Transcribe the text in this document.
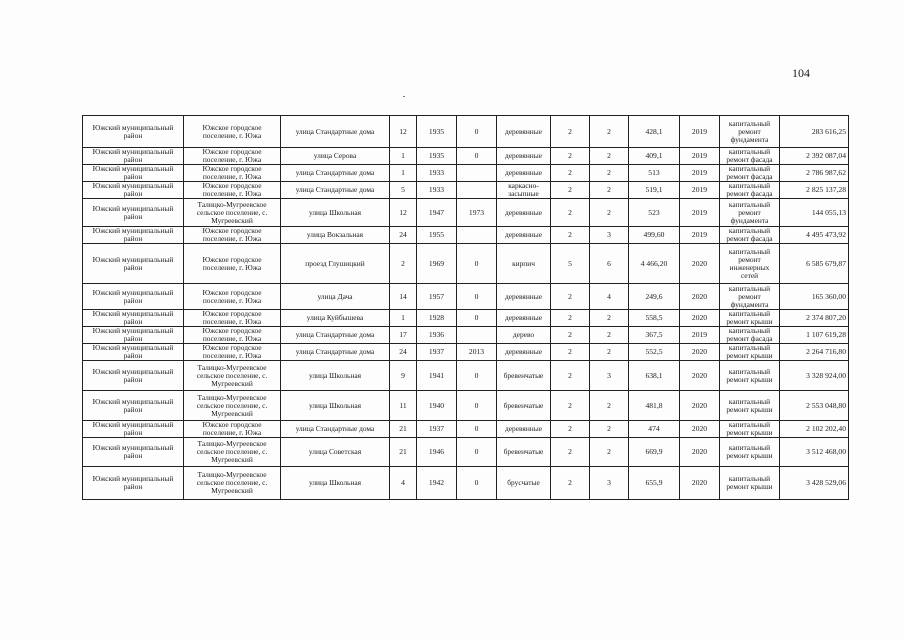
104
Южский муниципальный район	Южское городское поселение, г. Южа	улица Стандартные дома	12	1935	0	деревянные	2	2	428,1	2019	капитальный ремонт фундамента	283 616,25
Южский муниципальный район	Южское городское поселение, г. Южа	улица Серова	1	1935	0	деревянные	2	2	409,1	2019	капитальный ремонт фасада	2 392 087,04
Южский муниципальный район	Южское городское поселение, г. Южа	улица Стандартные дома	1	1933		деревянные	2	2	513	2019	капитальный ремонт фасада	2 786 987,62
Южский муниципальный район	Южское городское поселение, г. Южа	улица Стандартные дома	5	1933		каркасно-засыпные	2	2	519,1	2019	капитальный ремонт фасада	2 825 137,28
Южский муниципальный район	Талицко-Мугреевское сельское поселение, с. Мугреевский	улица Школьная	12	1947	1973	деревянные	2	2	523	2019	капитальный ремонт фундамента	144 055,13
Южский муниципальный район	Южское городское поселение, г. Южа	улица Вокзальная	24	1955		деревянные	2	3	499,60	2019	капитальный ремонт фасада	4 495 473,92
Южский муниципальный район	Южское городское поселение, г. Южа	проезд Глушицкий	2	1969	0	кирпич	5	6	4 466,20	2020	капитальный ремонт инженерных сетей	6 585 679,87
Южский муниципальный район	Южское городское поселение, г. Южа	улица Дача	14	1957	0	деревянные	2	4	249,6	2020	капитальный ремонт фундамента	165 360,00
Южский муниципальный район	Южское городское поселение, г. Южа	улица Куйбышева	1	1928	0	деревянные	2	2	558,5	2020	капитальный ремонт крыши	2 374 807,20
Южский муниципальный район	Южское городское поселение, г. Южа	улица Стандартные дома	17	1936		дерево	2	2	367,5	2019	капитальный ремонт фасада	1 107 619,28
Южский муниципальный район	Южское городское поселение, г. Южа	улица Стандартные дома	24	1937	2013	деревянные	2	2	552,5	2020	капитальный ремонт крыши	2 264 716,80
Южский муниципальный район	Талицко-Мугреевское сельское поселение, с. Мугреевский	улица Школьная	9	1941	0	бревенчатые	2	3	638,1	2020	капитальный ремонт крыши	3 328 924,00
Южский муниципальный район	Талицко-Мугреевское сельское поселение, с. Мугреевский	улица Школьная	11	1940	0	бревенчатые	2	2	481,8	2020	капитальный ремонт крыши	2 553 048,80
Южский муниципальный район	Южское городское поселение, г. Южа	улица Стандартные дома	21	1937	0	деревянные	2	2	474	2020	капитальный ремонт крыши	2 102 202,40
Южский муниципальный район	Талицко-Мугреевское сельское поселение, с. Мугреевский	улица Советская	21	1946	0	бревенчатые	2	2	669,9	2020	капитальный ремонт крыши	3 512 468,00
Южский муниципальный район	Талицко-Мугреевское сельское поселение, с. Мугреевский	улица Школьная	4	1942	0	брусчатые	2	3	655,9	2020	капитальный ремонт крыши	3 428 529,06
